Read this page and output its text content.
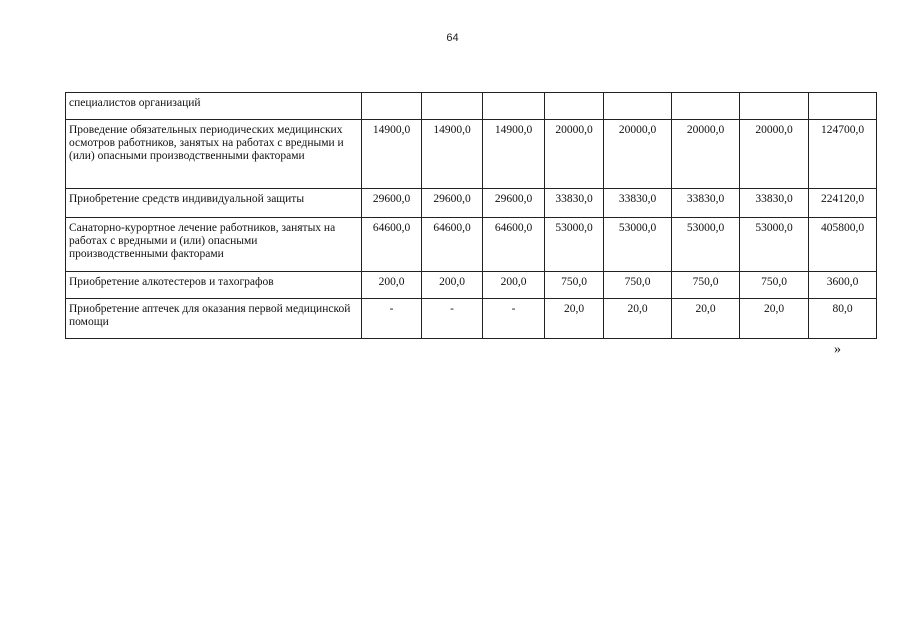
64
специалистов организаций								
Проведение обязательных периодических медицинских осмотров работников, занятых на работах с вредными и (или) опасными производственными факторами	14900,0	14900,0	14900,0	20000,0	20000,0	20000,0	20000,0	124700,0
Приобретение средств индивидуальной защиты	29600,0	29600,0	29600,0	33830,0	33830,0	33830,0	33830,0	224120,0
Санаторно-курортное лечение работников, занятых на работах с вредными и (или) опасными производственными факторами	64600,0	64600,0	64600,0	53000,0	53000,0	53000,0	53000,0	405800,0
Приобретение алкотестеров и тахографов	200,0	200,0	200,0	750,0	750,0	750,0	750,0	3600,0
Приобретение аптечек для оказания первой медицинской помощи	-	-	-	20,0	20,0	20,0	20,0	80,0
»
